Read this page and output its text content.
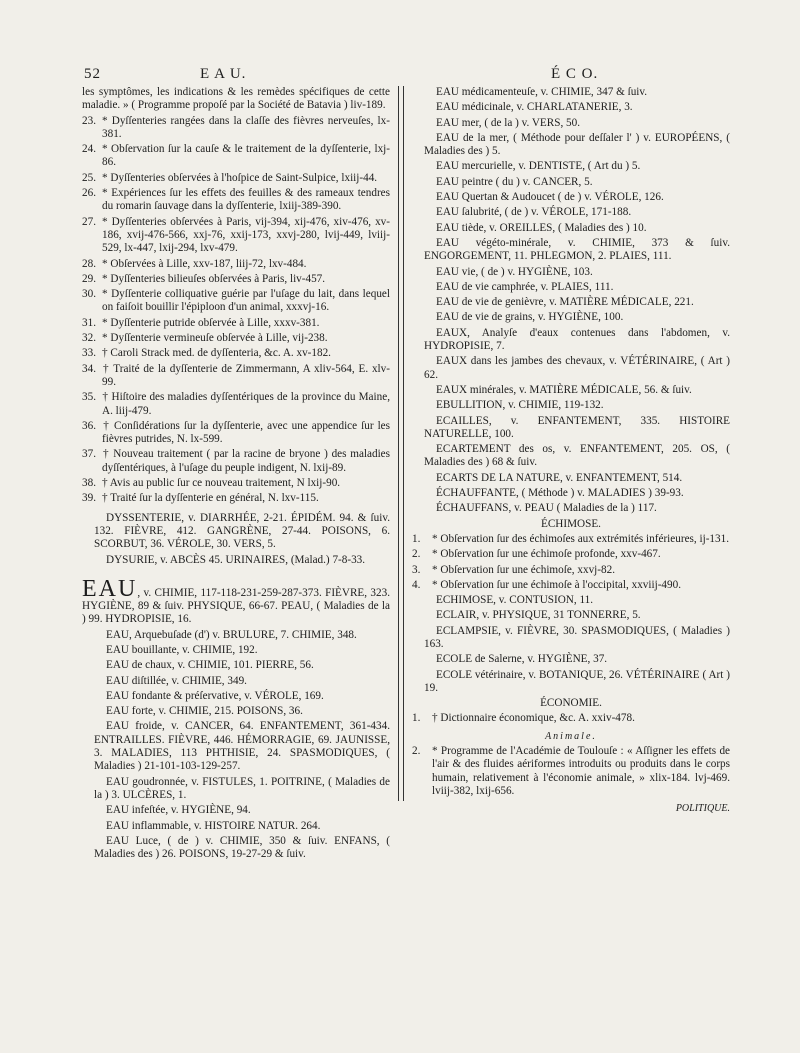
52	E A U.	É C O.

les symptômes, les indications & les remèdes spécifiques de cette maladie. » ( Programme propoſé par la Société de Batavia ) liv-189.

23. * Dyſſenteries rangées dans la claſſe des fièvres nerveuſes, lx-381.

24. * Obſervation ſur la cauſe & le traitement de la dyſſenterie, lxj-86.

25. * Dyſſenteries obſervées à l'hoſpice de Saint-Sulpice, lxiij-44.

26. * Expériences ſur les effets des feuilles & des rameaux tendres du romarin ſauvage dans la dyſſenterie, lxiij-389-390.

27. * Dyſſenteries obſervées à Paris, vij-394, xij-476, xiv-476, xv-186, xvij-476-566, xxj-76, xxij-173, xxvj-280, lvij-449, lviij-529, lx-447, lxij-294, lxv-479.

28. * Obſervées à Lille, xxv-187, liij-72, lxv-484.

29. * Dyſſenteries bilieuſes obſervées à Paris, liv-457.

30. * Dyſſenterie colliquative guérie par l'uſage du lait, dans lequel on faiſoit bouillir l'épiploon d'un animal, xxxvj-16.

31. * Dyſſenterie putride obſervée à Lille, xxxv-381.

32. * Dyſſenterie vermineuſe obſervée à Lille, vij-238.

33. † Caroli Strack med. de dyſſenteria, &c. A. xv-182.

34. † Traité de la dyſſenterie de Zimmermann, A xliv-564, E. xlv-99.

35. † Hiſtoire des maladies dyſſentériques de la province du Maine, A. liij-479.

36. † Conſidérations ſur la dyſſenterie, avec une appendice ſur les fièvres putrides, N. lx-599.

37. † Nouveau traitement ( par la racine de bryone ) des maladies dyſſentériques, à l'uſage du peuple indigent, N. lxij-89.

38. † Avis au public ſur ce nouveau traitement, N lxij-90.

39. † Traité ſur la dyſſenterie en général, N. lxv-115.

DYSSENTERIE, v. DIARRHÉE, 2-21. ÉPIDÉM. 94. & ſuiv. 132. FIÈVRE, 412. GANGRÈNE, 27-44. POISONS, 6. SCORBUT, 36. VÉROLE, 30. VERS, 5.

DYSURIE, v. ABCÈS 45. URINAIRES, (Malad.) 7-8-33.

EAU, v. CHIMIE, 117-118-231-259-287-373. FIÈVRE, 323. HYGIÈNE, 89 & ſuiv. PHYSIQUE, 66-67. PEAU, ( Maladies de la ) 99. HYDROPISIE, 16.

EAU, Arquebuſade (d') v. BRULURE, 7. CHIMIE, 348.

EAU bouillante, v. CHIMIE, 192.

EAU de chaux, v. CHIMIE, 101. PIERRE, 56.

EAU diſtillée, v. CHIMIE, 349.

EAU fondante & préſervative, v. VÉROLE, 169.

EAU forte, v. CHIMIE, 215. POISONS, 36.

EAU froide, v. CANCER, 64. ENFANTEMENT, 361-434. ENTRAILLES. FIÈVRE, 446. HÉMORRAGIE, 69. JAUNISSE, 3. MALADIES, 113 PHTHISIE, 24. SPASMODIQUES, ( Maladies ) 21-101-103-129-257.

EAU goudronnée, v. FISTULES, 1. POITRINE, ( Maladies de la ) 3. ULCÈRES, 1.

EAU infeſtée, v. HYGIÈNE, 94.

EAU inflammable, v. HISTOIRE NATUR. 264.

EAU Luce, ( de ) v. CHIMIE, 350 & ſuiv. ENFANS, ( Maladies des ) 26. POISONS, 19-27-29 & ſuiv.

EAU médicamenteuſe, v. CHIMIE, 347 & ſuiv.

EAU médicinale, v. CHARLATANERIE, 3.

EAU mer, ( de la ) v. VERS, 50.

EAU de la mer, ( Méthode pour deſſaler l' ) v. EUROPÉENS, ( Maladies des ) 5.

EAU mercurielle, v. DENTISTE, ( Art du ) 5.

EAU peintre ( du ) v. CANCER, 5.

EAU Quertan & Audoucet ( de ) v. VÉROLE, 126.

EAU ſalubrité, ( de ) v. VÉROLE, 171-188.

EAU tiède, v. OREILLES, ( Maladies des ) 10.

EAU végéto-minérale, v. CHIMIE, 373 & ſuiv. ENGORGEMENT, 11. PHLEGMON, 2. PLAIES, 111.

EAU vie, ( de ) v. HYGIÈNE, 103.

EAU de vie camphrée, v. PLAIES, 111.

EAU de vie de genièvre, v. MATIÈRE MÉDICALE, 221.

EAU de vie de grains, v. HYGIÈNE, 100.

EAUX, Analyſe d'eaux contenues dans l'abdomen, v. HYDROPISIE, 7.

EAUX dans les jambes des chevaux, v. VÉTÉRINAIRE, ( Art ) 62.

EAUX minérales, v. MATIÈRE MÉDICALE, 56. & ſuiv.

EBULLITION, v. CHIMIE, 119-132.

ECAILLES, v. ENFANTEMENT, 335. HISTOIRE NATURELLE, 100.

ECARTEMENT des os, v. ENFANTEMENT, 205. OS, ( Maladies des ) 68 & ſuiv.

ECARTS DE LA NATURE, v. ENFANTEMENT, 514.

ÉCHAUFFANTE, ( Méthode ) v. MALADIES ) 39-93.

ÉCHAUFFANS, v. PEAU ( Maladies de la ) 117.

ÉCHIMOSE.

1. * Obſervation ſur des échimoſes aux extrémités inférieures, ij-131.

2. * Obſervation ſur une échimoſe profonde, xxv-467.

3. * Obſervation ſur une échimoſe, xxvj-82.

4. * Obſervation ſur une échimoſe à l'occipital, xxviij-490.

ECHIMOSE, v. CONTUSION, 11.

ECLAIR, v. PHYSIQUE, 31 TONNERRE, 5.

ECLAMPSIE, v. FIÈVRE, 30. SPASMODIQUES, ( Maladies ) 163.

ECOLE de Salerne, v. HYGIÈNE, 37.

ECOLE vétérinaire, v. BOTANIQUE, 26. VÉTÉRINAIRE ( Art ) 19.

ÉCONOMIE.

1. † Dictionnaire économique, &c. A. xxiv-478.

Animale.

2. * Programme de l'Académie de Toulouſe : « Aſſigner les effets de l'air & des fluides aériformes introduits ou produits dans le corps humain, relativement à l'économie animale, » xlix-184. lvj-469. lviij-382, lxij-656.

POLITIQUE.
